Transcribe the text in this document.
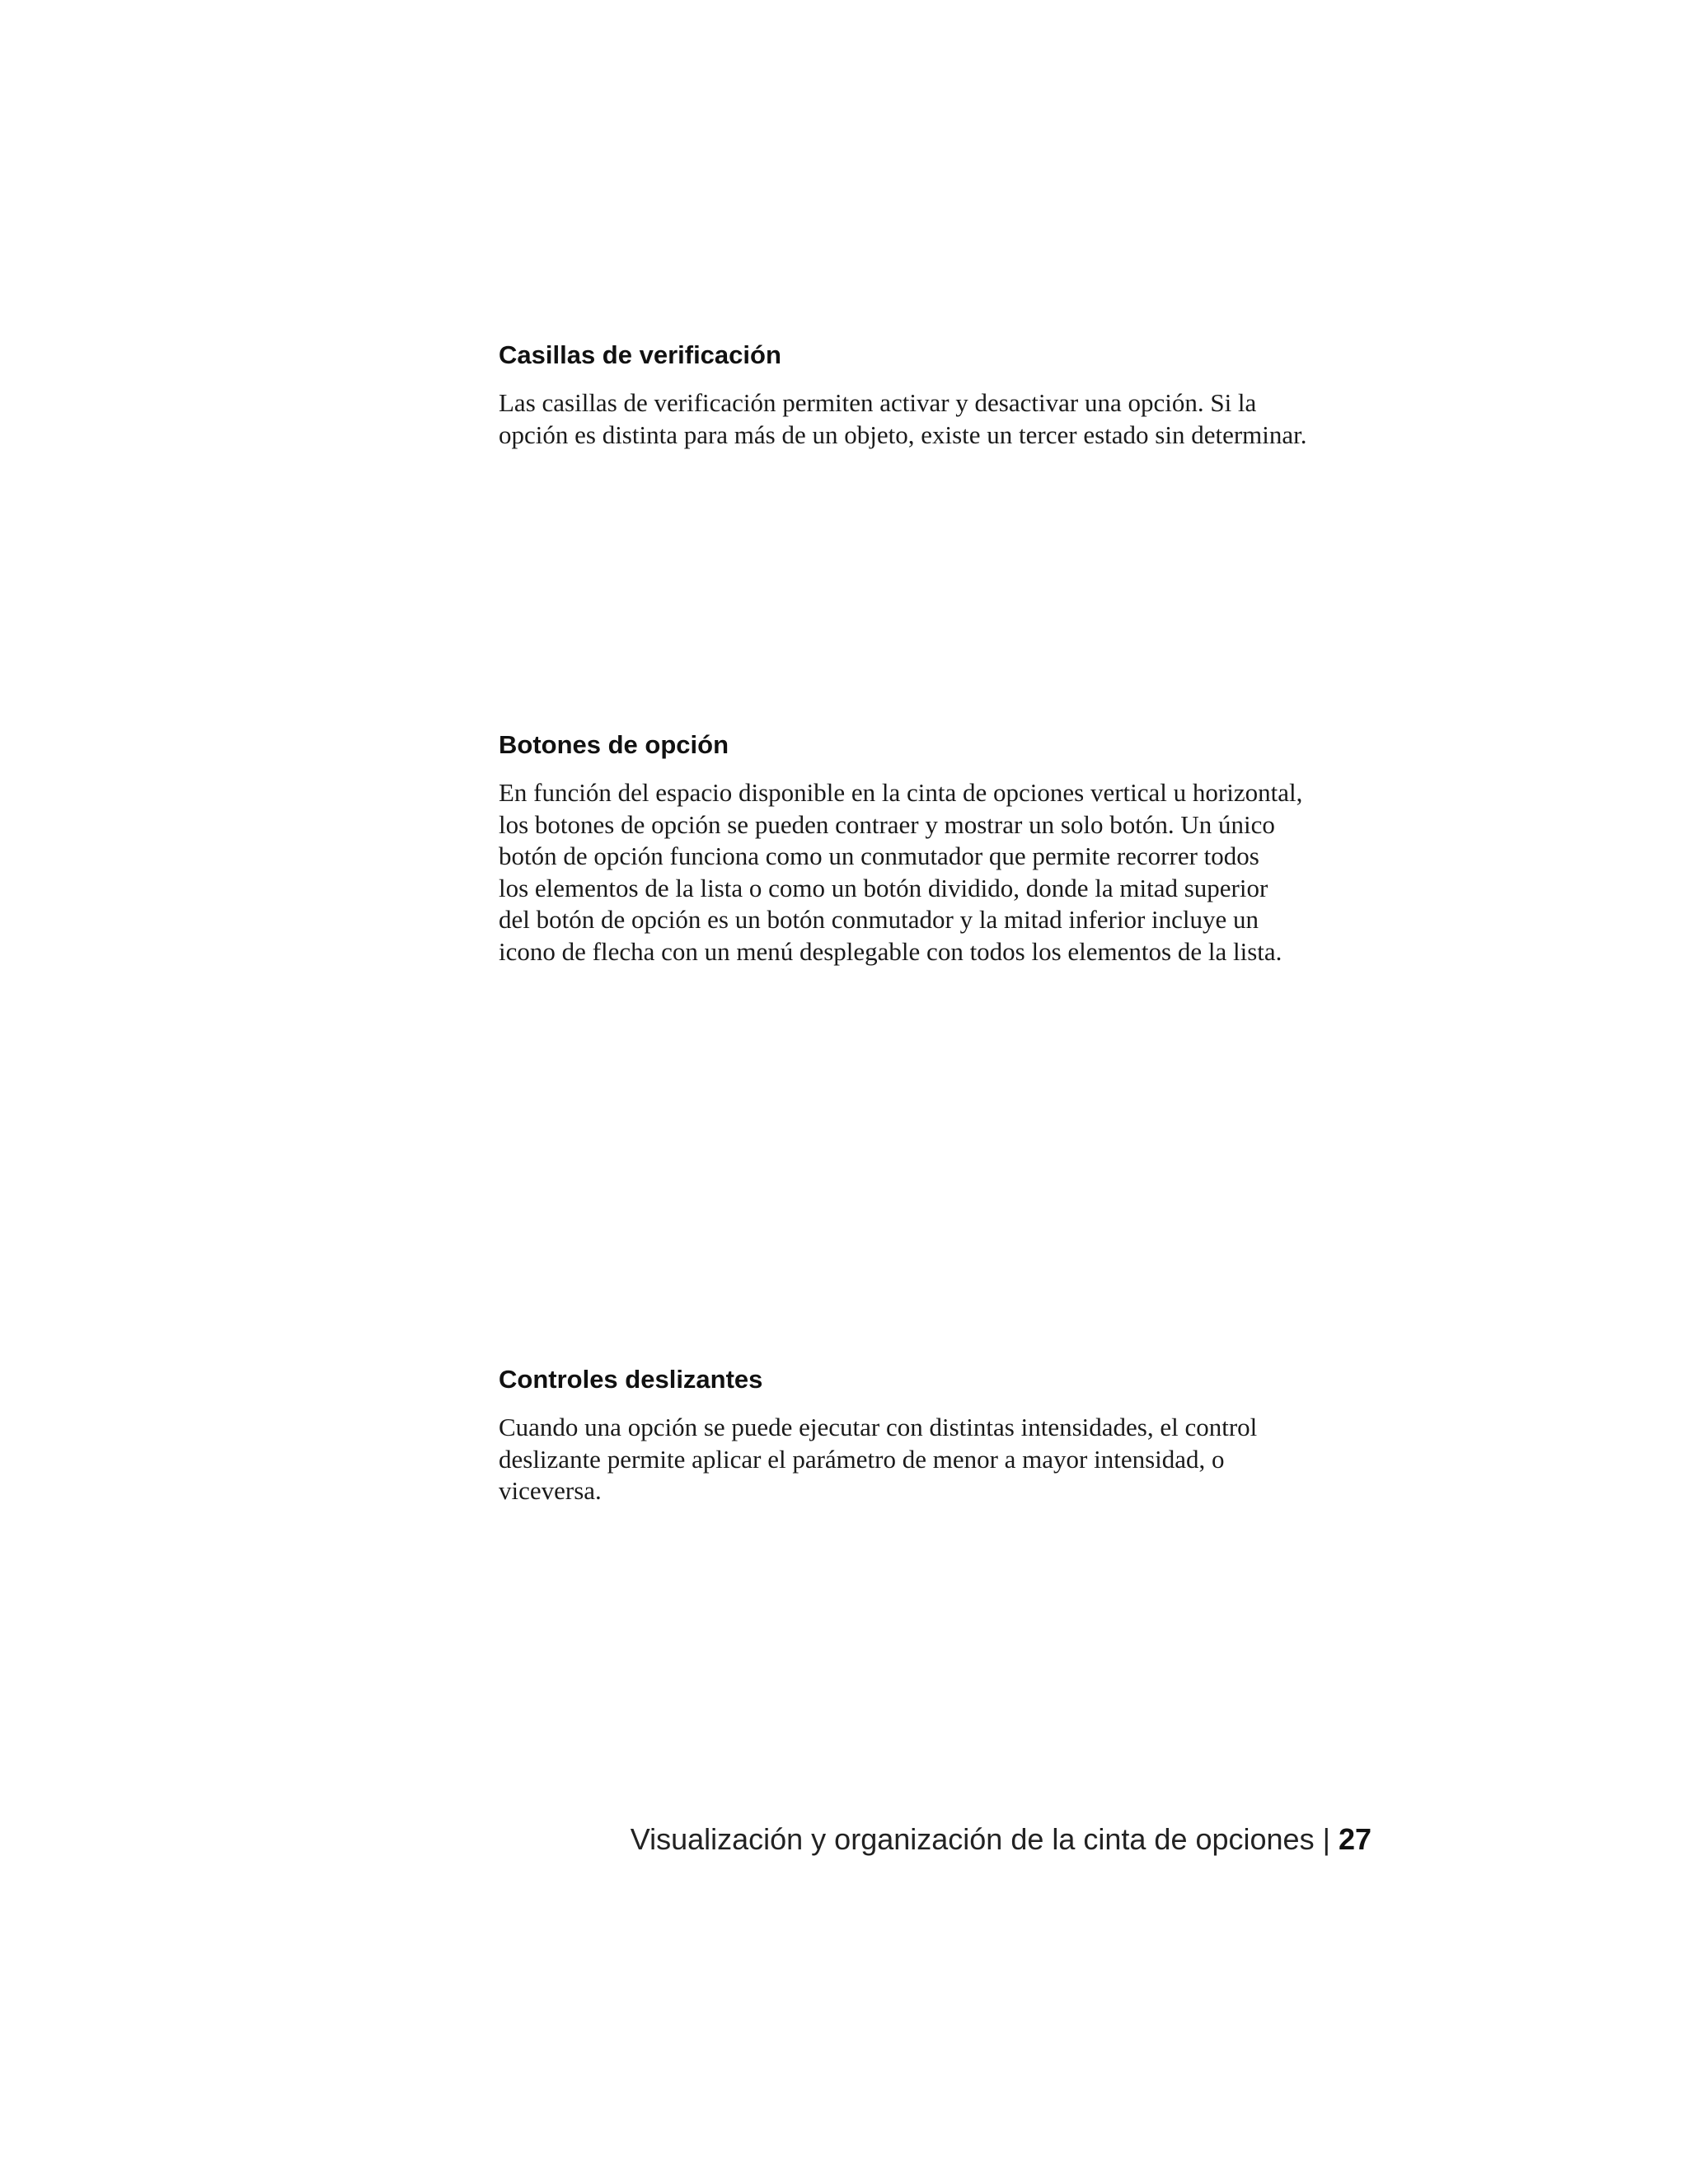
Casillas de verificación

Las casillas de verificación permiten activar y desactivar una opción. Si la
opción es distinta para más de un objeto, existe un tercer estado sin determinar.

Botones de opción

En función del espacio disponible en la cinta de opciones vertical u horizontal,
los botones de opción se pueden contraer y mostrar un solo botón. Un único
botón de opción funciona como un conmutador que permite recorrer todos
los elementos de la lista o como un botón dividido, donde la mitad superior
del botón de opción es un botón conmutador y la mitad inferior incluye un
icono de flecha con un menú desplegable con todos los elementos de la lista.

Controles deslizantes

Cuando una opción se puede ejecutar con distintas intensidades, el control
deslizante permite aplicar el parámetro de menor a mayor intensidad, o
viceversa.

Visualización y organización de la cinta de opciones | 27
